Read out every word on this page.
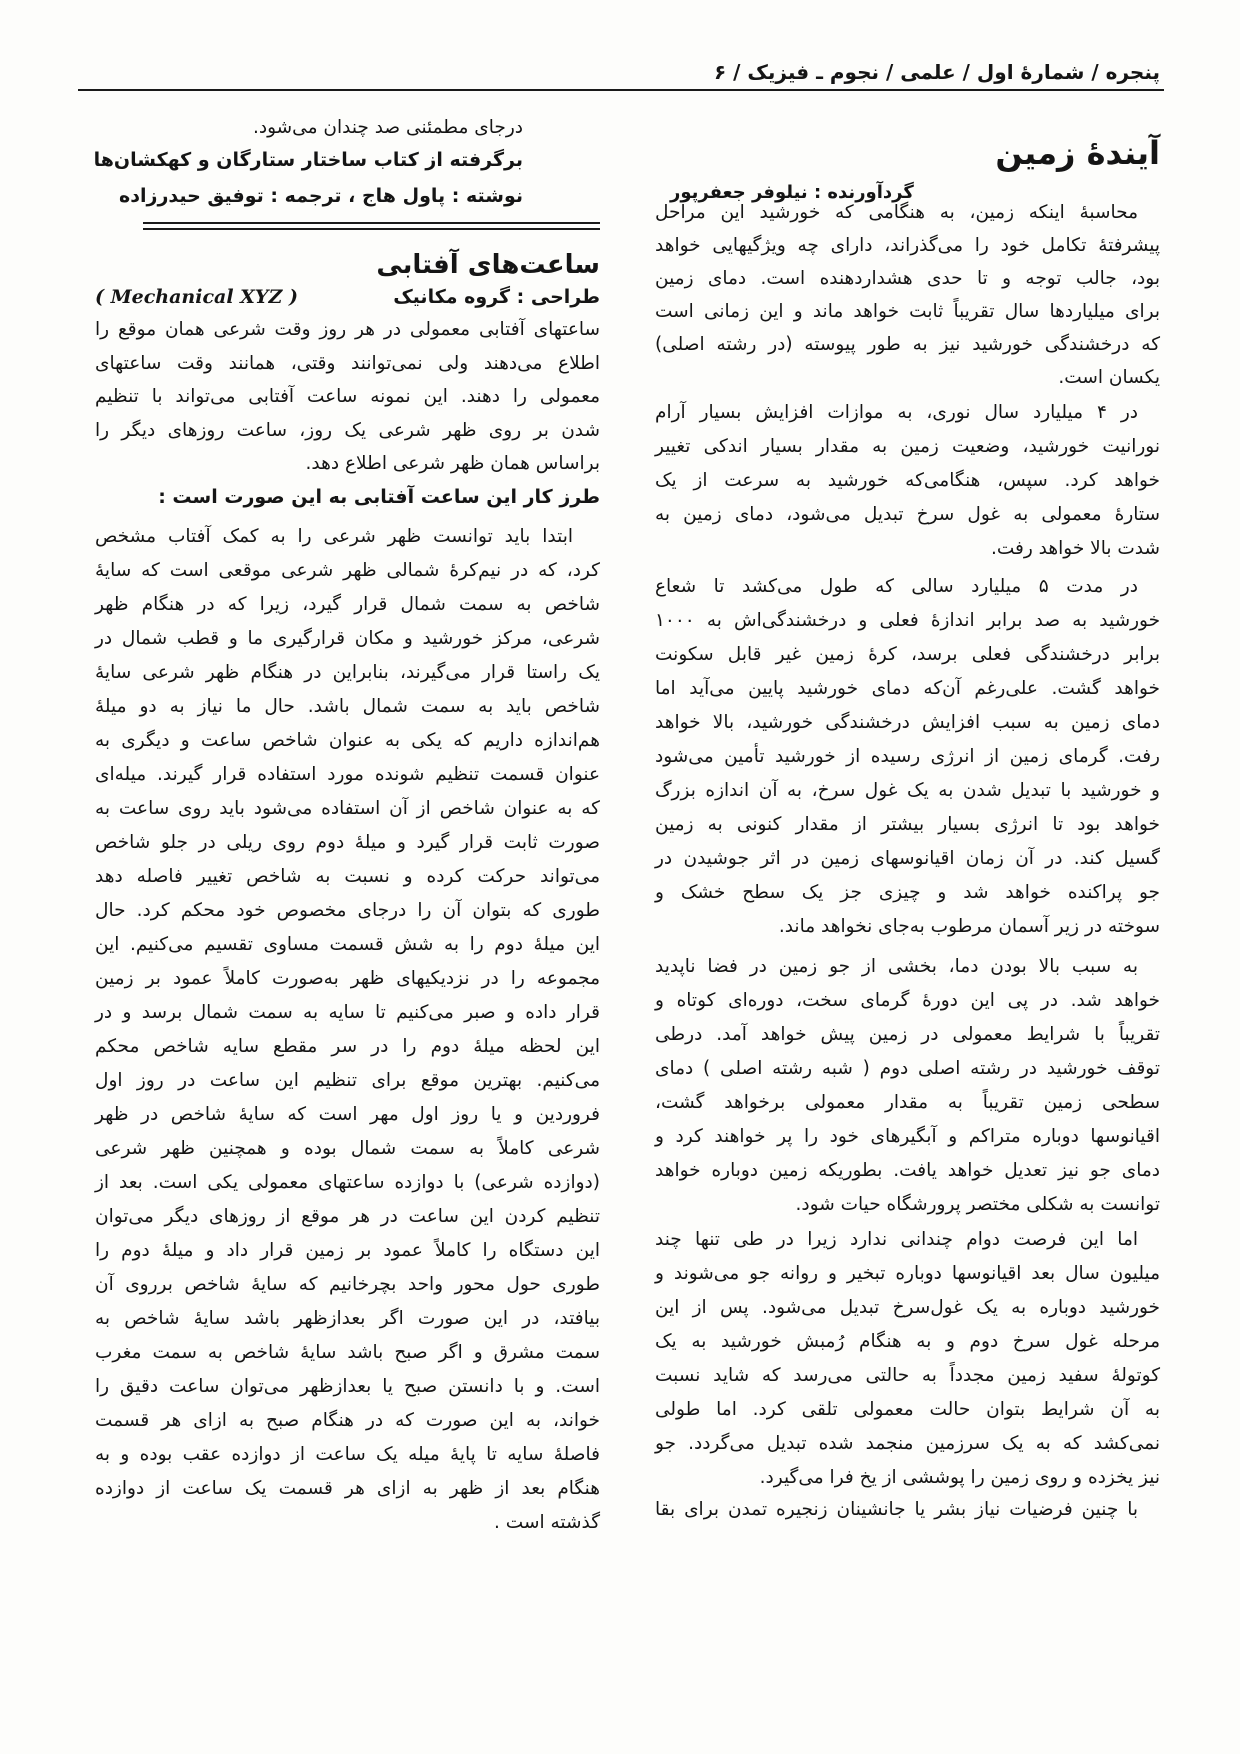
پنجره / شمارهٔ اول / علمی / نجوم ـ فیزیک / ۶
آیندهٔ زمین
گردآورنده : نیلوفر جعفرپور
محاسبهٔ اینکه زمین، به هنگامی که خورشید این مراحل
پیشرفتهٔ تکامل خود را می‌گذراند، دارای چه ویژگیهایی خواهد
بود، جالب توجه و تا حدی هشداردهنده است. دمای زمین
برای میلیاردها سال تقریباً ثابت خواهد ماند و این زمانی است
که درخشندگی خورشید نیز به طور پیوسته (در رشته اصلی)
یکسان است.
در ۴ میلیارد سال نوری، به موازات افزایش بسیار آرام
نورانیت خورشید، وضعیت زمین به مقدار بسیار اندکی تغییر
خواهد کرد. سپس، هنگامی‌که خورشید به سرعت از یک
ستارهٔ معمولی به غول سرخ تبدیل می‌شود، دمای زمین به
شدت بالا خواهد رفت.
در مدت ۵ میلیارد سالی که طول می‌کشد تا شعاع
خورشید به صد برابر اندازهٔ فعلی و درخشندگی‌اش به ۱۰۰۰
برابر درخشندگی فعلی برسد، کرهٔ زمین غیر قابل سکونت
خواهد گشت. علی‌رغم آن‌که دمای خورشید پایین می‌آید اما
دمای زمین به سبب افزایش درخشندگی خورشید، بالا خواهد
رفت. گرمای زمین از انرژی رسیده از خورشید تأمین می‌شود
و خورشید با تبدیل شدن به یک غول سرخ، به آن اندازه بزرگ
خواهد بود تا انرژی بسیار بیشتر از مقدار کنونی به زمین
گسیل کند. در آن زمان اقیانوسهای زمین در اثر جوشیدن در
جو پراکنده خواهد شد و چیزی جز یک سطح خشک و
سوخته در زیر آسمان مرطوب به‌جای نخواهد ماند.
به سبب بالا بودن دما، بخشی از جو زمین در فضا ناپدید
خواهد شد. در پی این دورهٔ گرمای سخت، دوره‌ای کوتاه و
تقریباً با شرایط معمولی در زمین پیش خواهد آمد. درطی
توقف خورشید در رشته اصلی دوم ( شبه رشته اصلی ) دمای
سطحی زمین تقریباً به مقدار معمولی برخواهد گشت،
اقیانوسها دوباره متراکم و آبگیرهای خود را پر خواهند کرد و
دمای جو نیز تعدیل خواهد یافت. بطوریکه زمین دوباره خواهد
توانست به شکلی مختصر پرورشگاه حیات شود.
اما این فرصت دوام چندانی ندارد زیرا در طی تنها چند
میلیون سال بعد اقیانوسها دوباره تبخیر و روانه جو می‌شوند و
خورشید دوباره به یک غول‌سرخ تبدیل می‌شود. پس از این
مرحله غول سرخ دوم و به هنگام رُمبش خورشید به یک
کوتولهٔ سفید زمین مجدداً به حالتی می‌رسد که شاید نسبت
به آن شرایط بتوان حالت معمولی تلقی کرد. اما طولی
نمی‌کشد که به یک سرزمین منجمد شده تبدیل می‌گردد. جو
نیز یخزده و روی زمین را پوششی از یخ فرا می‌گیرد.
با چنین فرضیات نیاز بشر یا جانشینان زنجیره تمدن برای بقا
درجای مطمئنی صد چندان می‌شود.
برگرفته از کتاب ساختار ستارگان و کهکشان‌ها
نوشته : پاول هاج ، ترجمه : توفیق حیدرزاده
ساعت‌های آفتابی
طراحی : گروه مکانیک
( Mechanical XYZ )
ساعتهای آفتابی معمولی در هر روز وقت شرعی همان موقع را
اطلاع می‌دهند ولی نمی‌توانند وقتی، همانند وقت ساعتهای
معمولی را دهند. این نمونه ساعت آفتابی می‌تواند با تنظیم
شدن بر روی ظهر شرعی یک روز، ساعت روزهای دیگر را
براساس همان ظهر شرعی اطلاع دهد.
طرز کار این ساعت آفتابی به این صورت است :
ابتدا باید توانست ظهر شرعی را به کمک آفتاب مشخص
کرد، که در نیم‌کرهٔ شمالی ظهر شرعی موقعی است که سایهٔ
شاخص به سمت شمال قرار گیرد، زیرا که در هنگام ظهر
شرعی، مرکز خورشید و مکان قرارگیری ما و قطب شمال در
یک راستا قرار می‌گیرند، بنابراین در هنگام ظهر شرعی سایهٔ
شاخص باید به سمت شمال باشد. حال ما نیاز به دو میلهٔ
هم‌اندازه داریم که یکی به عنوان شاخص ساعت و دیگری به
عنوان قسمت تنظیم شونده مورد استفاده قرار گیرند. میله‌ای
که به عنوان شاخص از آن استفاده می‌شود باید روی ساعت به
صورت ثابت قرار گیرد و میلهٔ دوم روی ریلی در جلو شاخص
می‌تواند حرکت کرده و نسبت به شاخص تغییر فاصله دهد
طوری که بتوان آن را درجای مخصوص خود محکم کرد. حال
این میلهٔ دوم را به شش قسمت مساوی تقسیم می‌کنیم. این
مجموعه را در نزدیکیهای ظهر به‌صورت کاملاً عمود بر زمین
قرار داده و صبر می‌کنیم تا سایه به سمت شمال برسد و در
این لحظه میلهٔ دوم را در سر مقطع سایه شاخص محکم
می‌کنیم. بهترین موقع برای تنظیم این ساعت در روز اول
فروردین و یا روز اول مهر است که سایهٔ شاخص در ظهر
شرعی کاملاً به سمت شمال بوده و همچنین ظهر شرعی
(دوازده شرعی) با دوازده ساعتهای معمولی یکی است. بعد از
تنظیم کردن این ساعت در هر موقع از روزهای دیگر می‌توان
این دستگاه را کاملاً عمود بر زمین قرار داد و میلهٔ دوم را
طوری حول محور واحد بچرخانیم که سایهٔ شاخص برروی آن
بیافتد، در این صورت اگر بعدازظهر باشد سایهٔ شاخص به
سمت مشرق و اگر صبح باشد سایهٔ شاخص به سمت مغرب
است. و با دانستن صبح یا بعدازظهر می‌توان ساعت دقیق را
خواند، به این صورت که در هنگام صبح به ازای هر قسمت
فاصلهٔ سایه تا پایهٔ میله یک ساعت از دوازده عقب بوده و به
هنگام بعد از ظهر به ازای هر قسمت یک ساعت از دوازده
گذشته است .
